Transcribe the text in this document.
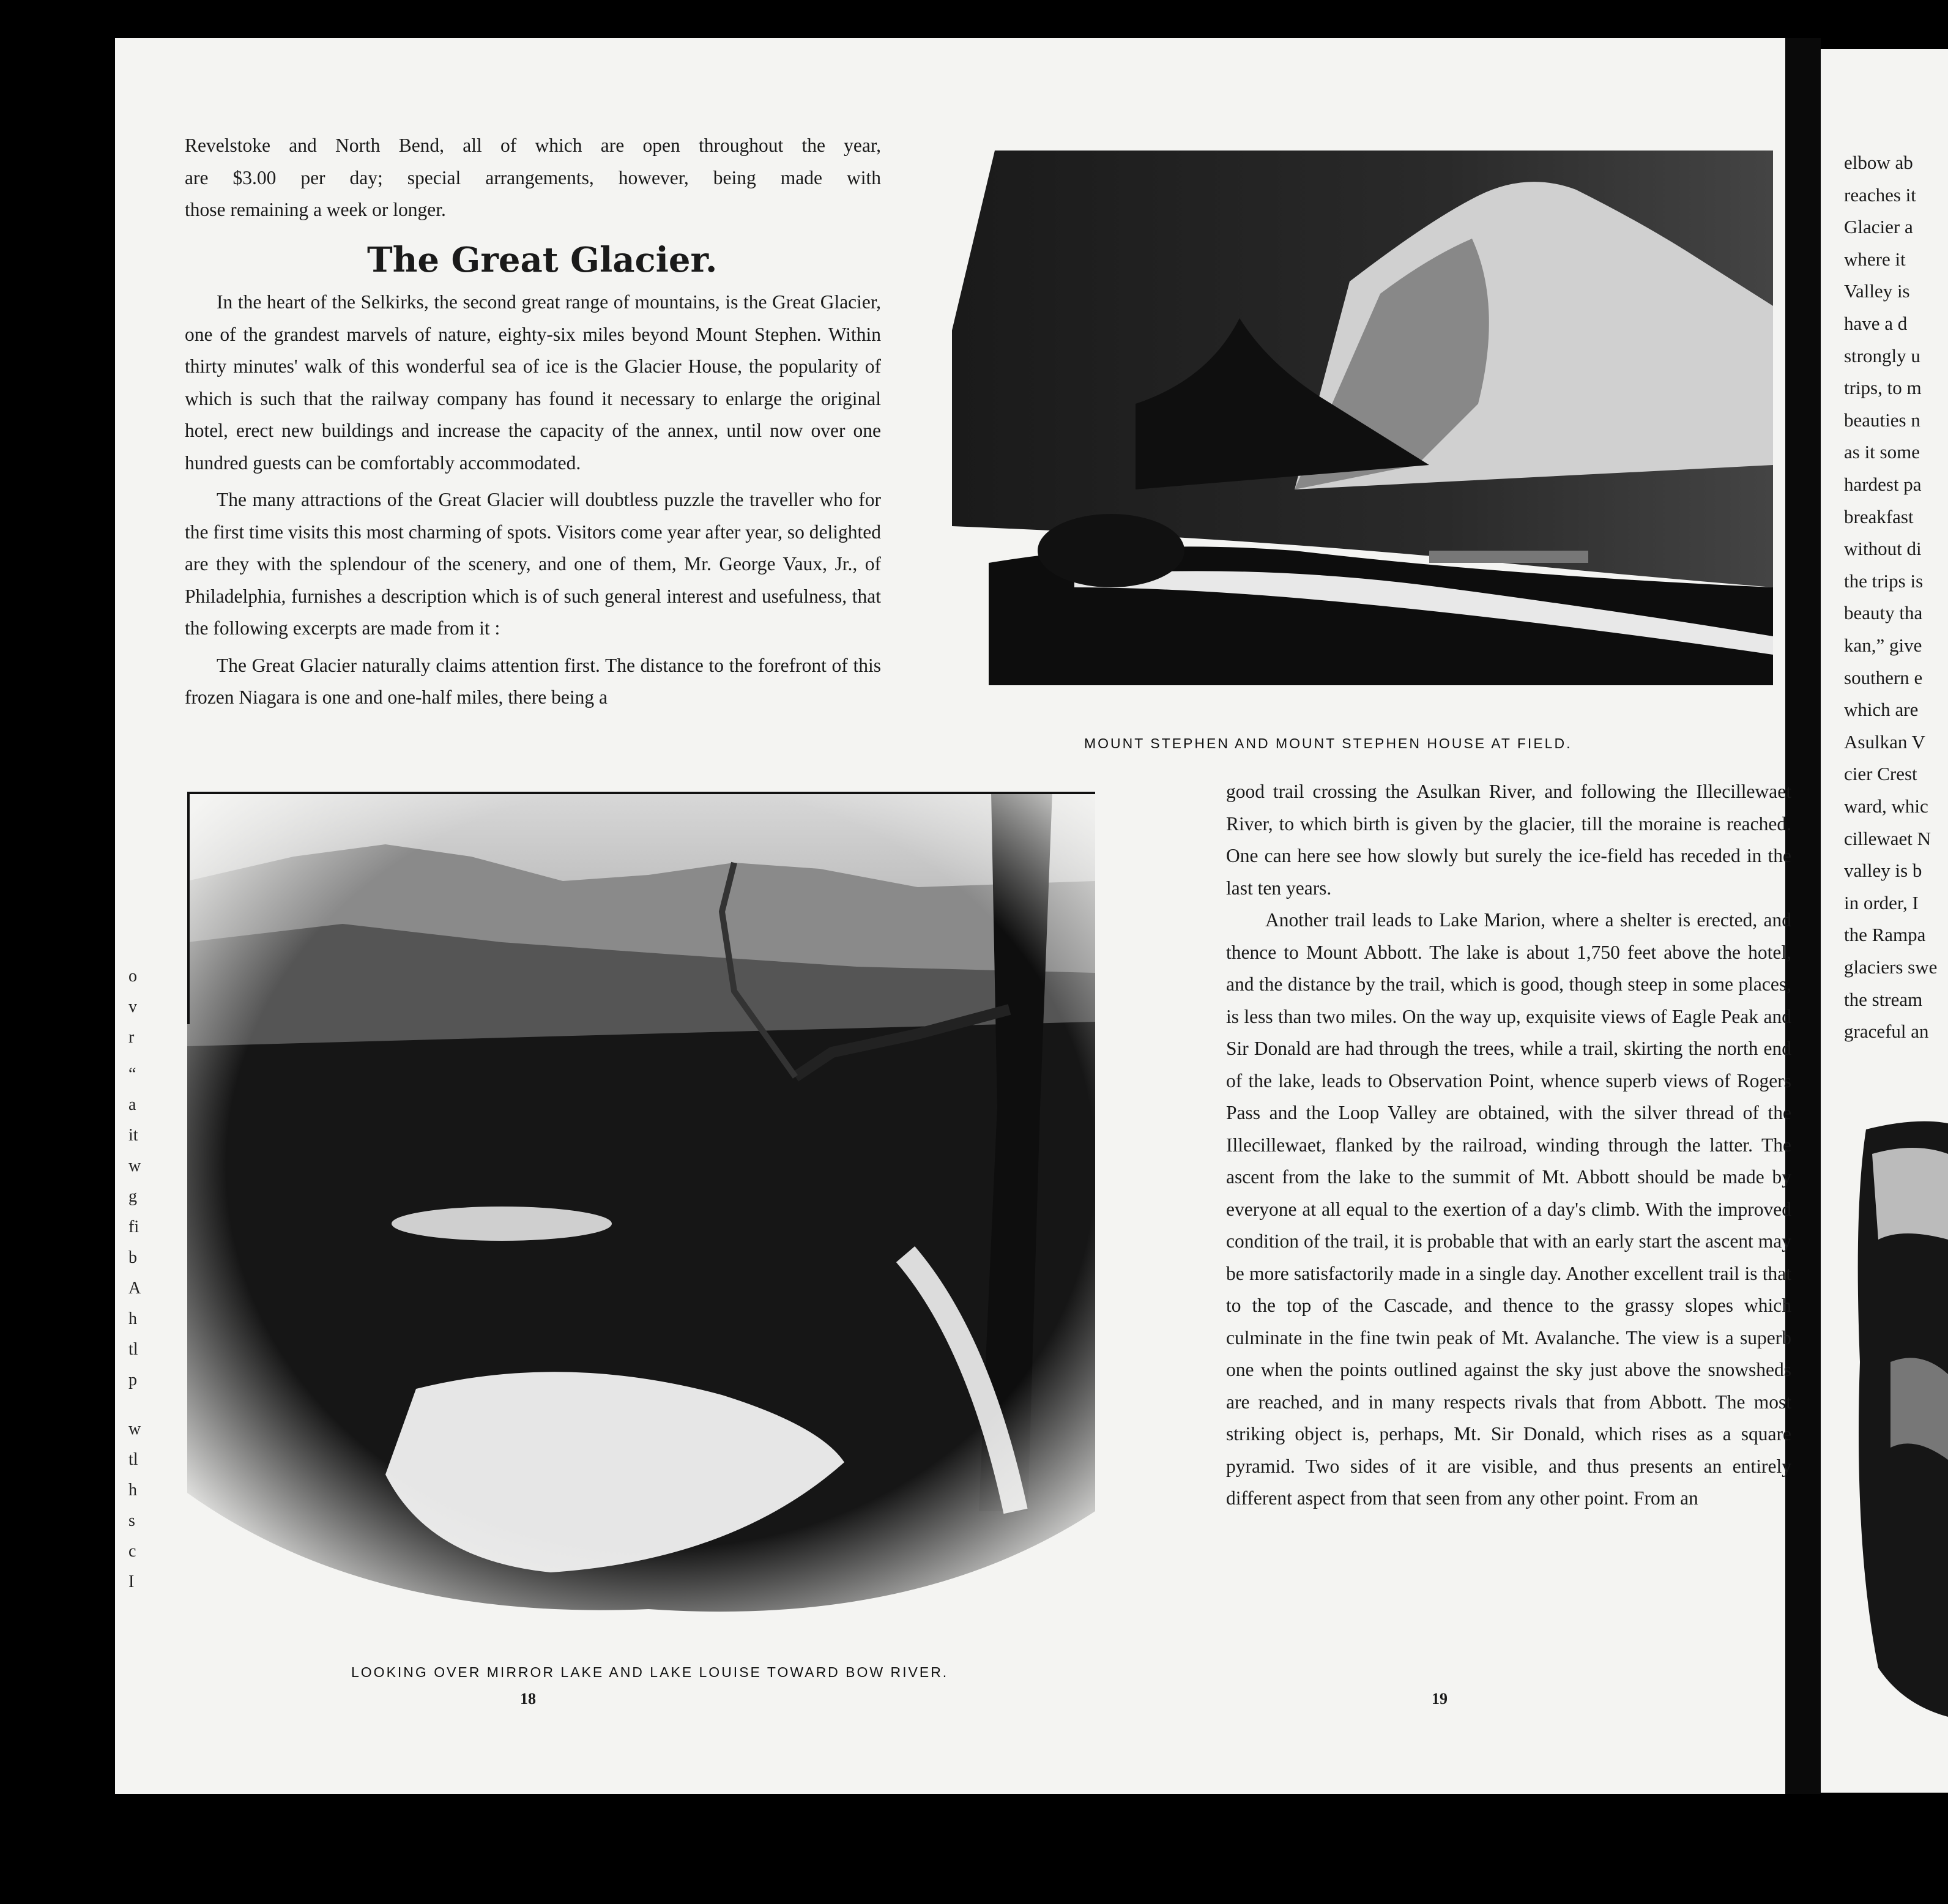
o
v
r
“
a
it
w
g
fi
b
A
h
tl
p
w
tl
h
s
c
I

Revelstoke and North Bend, all of which are open throughout the year,

are $3.00 per day; special arrangements, however, being made with

those remaining a week or longer.

The Great Glacier.

In the heart of the Selkirks, the second great range of mountains, is the Great Glacier, one of the grandest marvels of nature, eighty-six miles beyond Mount Stephen. Within thirty minutes' walk of this wonderful sea of ice is the Glacier House, the popularity of which is such that the railway company has found it necessary to enlarge the original hotel, erect new buildings and increase the capacity of the annex, until now over one hundred guests can be comfortably accommodated.

The many attractions of the Great Glacier will doubtless puzzle the traveller who for the first time visits this most charming of spots. Visitors come year after year, so delighted are they with the splendour of the scenery, and one of them, Mr. George Vaux, Jr., of Philadelphia, furnishes a description which is of such general interest and usefulness, that the following excerpts are made from it :

The Great Glacier naturally claims attention first. The distance to the forefront of this frozen Niagara is one and one-half miles, there being a

LOOKING OVER MIRROR LAKE AND LAKE LOUISE TOWARD BOW RIVER.
18
MOUNT STEPHEN AND MOUNT STEPHEN HOUSE AT FIELD.

good trail crossing the Asulkan River, and following the Illecillewaet River, to which birth is given by the glacier, till the moraine is reached. One can here see how slowly but surely the ice-field has receded in the last ten years.

Another trail leads to Lake Marion, where a shelter is erected, and thence to Mount Abbott. The lake is about 1,750 feet above the hotel, and the distance by the trail, which is good, though steep in some places, is less than two miles. On the way up, exquisite views of Eagle Peak and Sir Donald are had through the trees, while a trail, skirting the north end of the lake, leads to Observation Point, whence superb views of Rogers Pass and the Loop Valley are obtained, with the silver thread of the Illecillewaet, flanked by the railroad, winding through the latter. The ascent from the lake to the summit of Mt. Abbott should be made by everyone at all equal to the exertion of a day's climb. With the improved condition of the trail, it is probable that with an early start the ascent may be more satisfactorily made in a single day. Another excellent trail is that to the top of the Cascade, and thence to the grassy slopes which culminate in the fine twin peak of Mt. Avalanche. The view is a superb one when the points outlined against the sky just above the snowsheds are reached, and in many respects rivals that from Abbott. The most striking object is, perhaps, Mt. Sir Donald, which rises as a square pyramid. Two sides of it are visible, and thus presents an entirely different aspect from that seen from any other point. From an

19
elbow ab
reaches it
Glacier a
where it
Valley is
have a d
strongly u
trips, to m
beauties n
as it some
hardest pa
breakfast
without di
the trips is
beauty tha
kan,” give
southern e
which are
Asulkan V
cier Crest
ward, whic
cillewaet N
valley is b
in order, I
the Rampa
glaciers swe
the stream
graceful an
